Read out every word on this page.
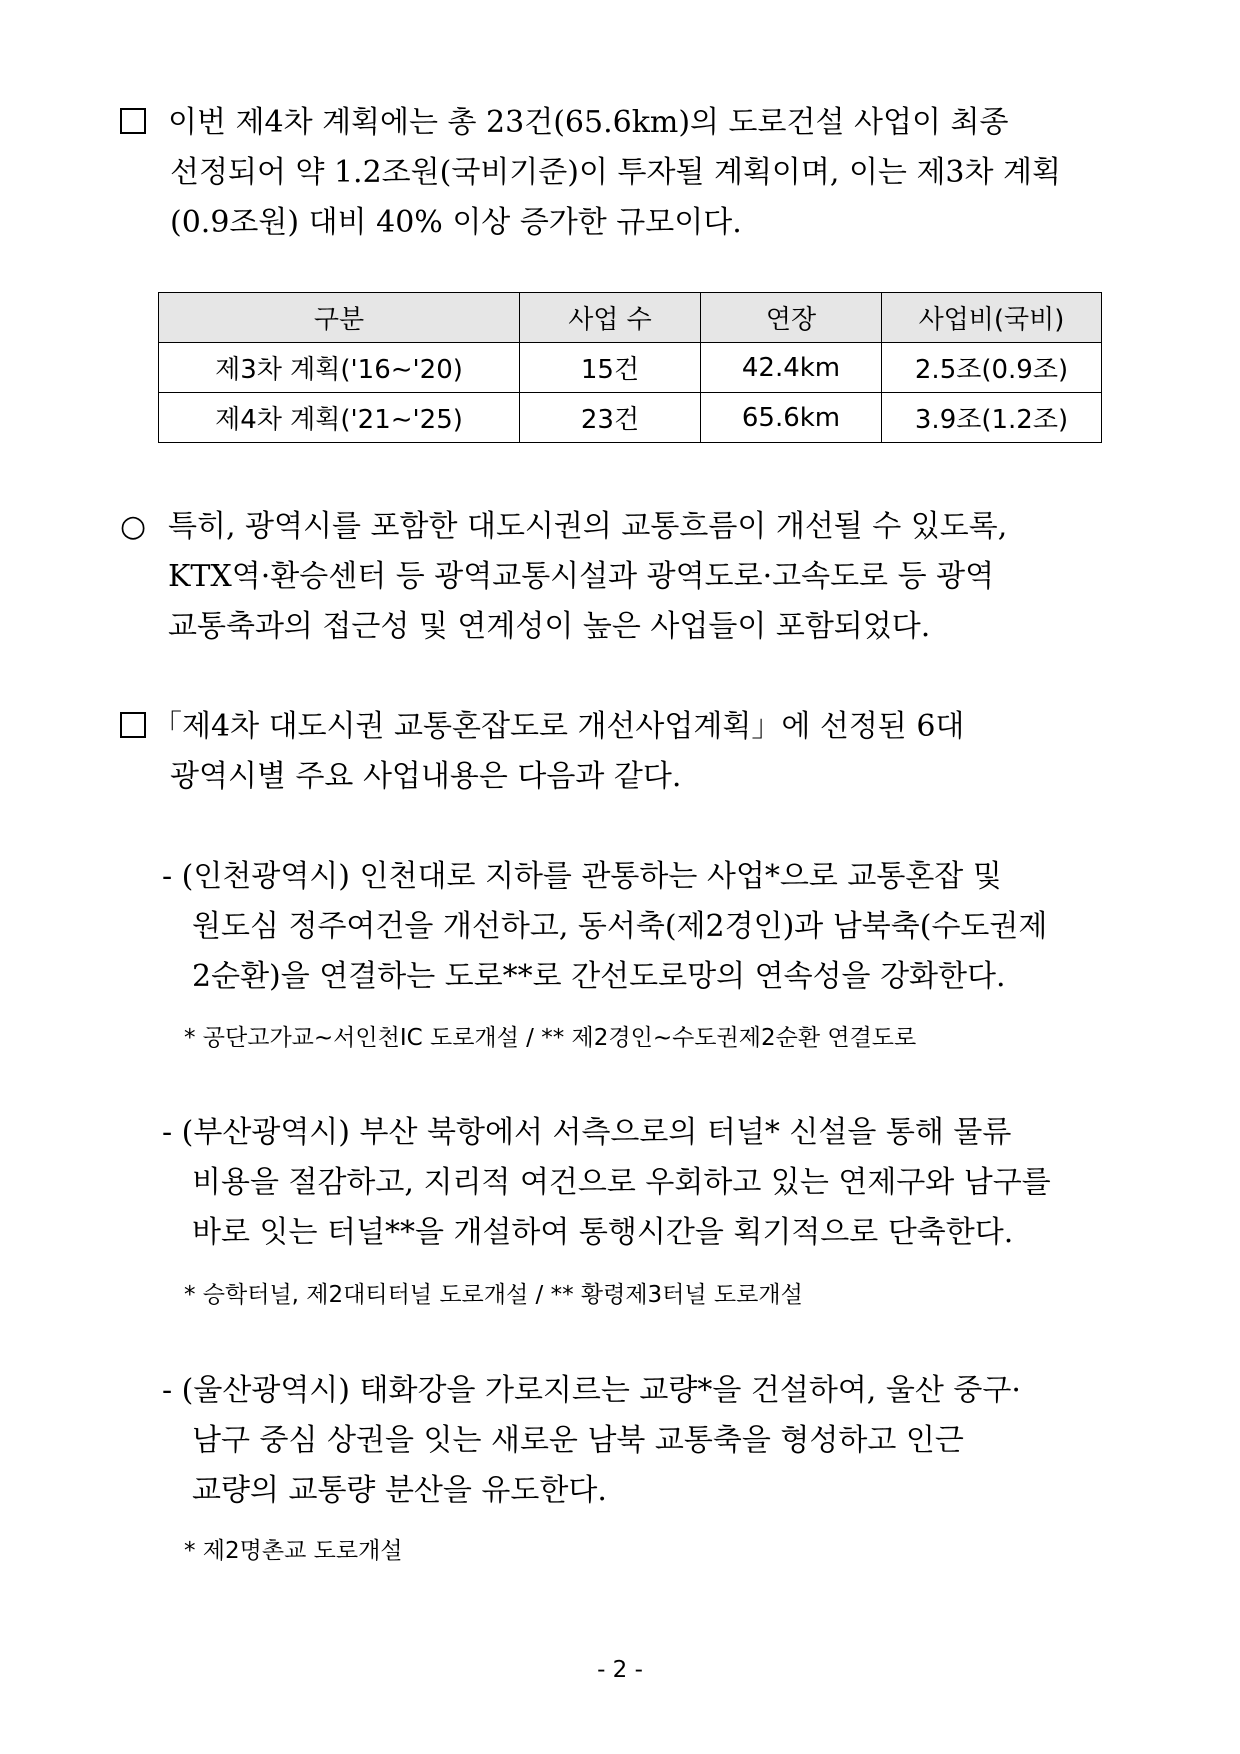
이번 제4차 계획에는 총 23건(65.6km)의 도로건설 사업이 최종
선정되어 약 1.2조원(국비기준)이 투자될 계획이며, 이는 제3차 계획
(0.9조원) 대비 40% 이상 증가한 규모이다.
구분	사업 수	연장	사업비(국비)
제3차 계획('16∼'20)	15건	42.4km	2.5조(0.9조)
제4차 계획('21∼'25)	23건	65.6km	3.9조(1.2조)
○ 특히, 광역시를 포함한 대도시권의 교통흐름이 개선될 수 있도록,
KTX역·환승센터 등 광역교통시설과 광역도로·고속도로 등 광역
교통축과의 접근성 및 연계성이 높은 사업들이 포함되었다.
「제4차 대도시권 교통혼잡도로 개선사업계획」에 선정된 6대
광역시별 주요 사업내용은 다음과 같다.
- (인천광역시) 인천대로 지하를 관통하는 사업*으로 교통혼잡 및
원도심 정주여건을 개선하고, 동서축(제2경인)과 남북축(수도권제
2순환)을 연결하는 도로**로 간선도로망의 연속성을 강화한다.
* 공단고가교∼서인천IC 도로개설 / ** 제2경인∼수도권제2순환 연결도로
- (부산광역시) 부산 북항에서 서측으로의 터널* 신설을 통해 물류
비용을 절감하고, 지리적 여건으로 우회하고 있는 연제구와 남구를
바로 잇는 터널**을 개설하여 통행시간을 획기적으로 단축한다.
* 승학터널, 제2대티터널 도로개설 / ** 황령제3터널 도로개설
- (울산광역시) 태화강을 가로지르는 교량*을 건설하여, 울산 중구·
남구 중심 상권을 잇는 새로운 남북 교통축을 형성하고 인근
교량의 교통량 분산을 유도한다.
* 제2명촌교 도로개설
- 2 -
